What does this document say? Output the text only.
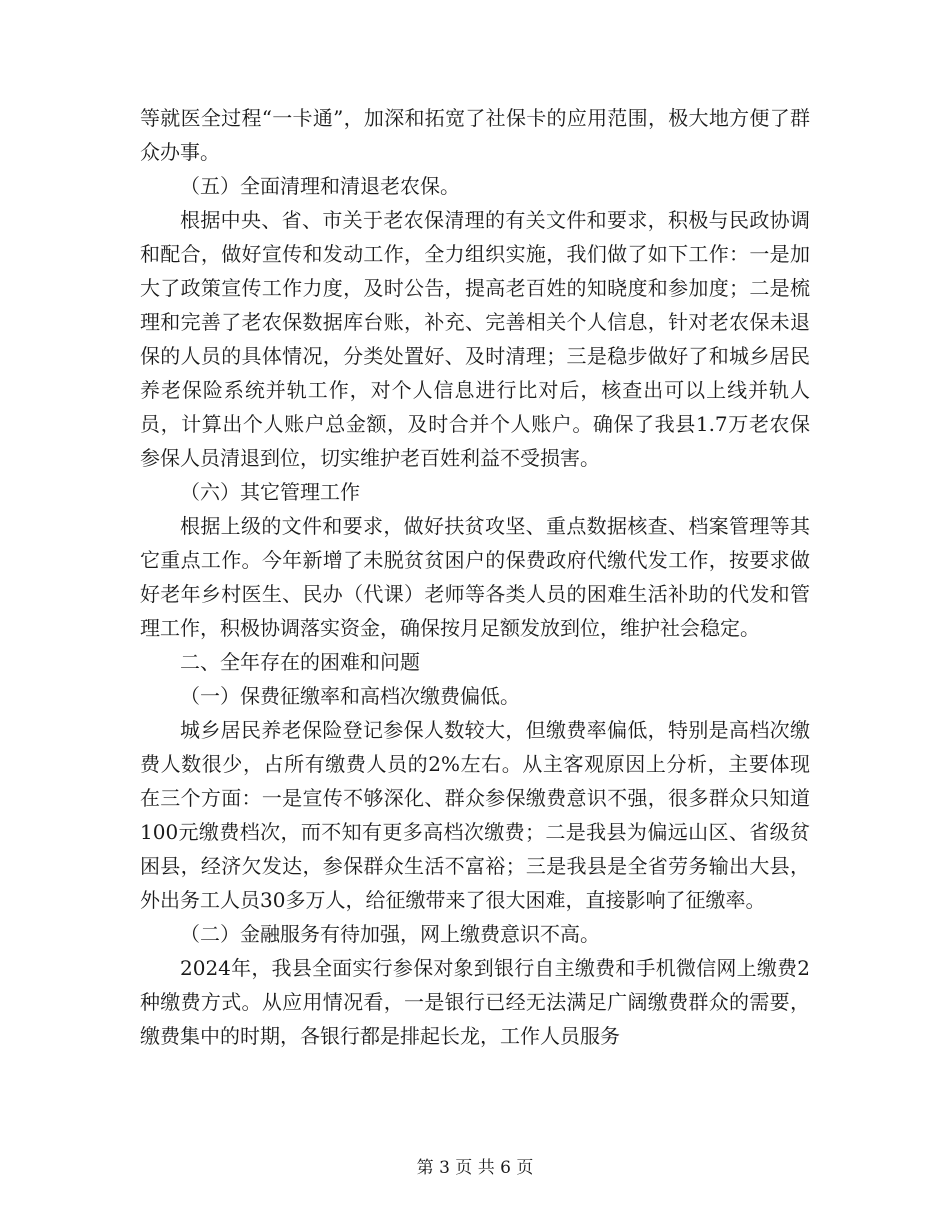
等就医全过程“一卡通”，加深和拓宽了社保卡的应用范围，极大地方便了群众办事。

（五）全面清理和清退老农保。

根据中央、省、市关于老农保清理的有关文件和要求，积极与民政协调和配合，做好宣传和发动工作，全力组织实施，我们做了如下工作：一是加大了政策宣传工作力度，及时公告，提高老百姓的知晓度和参加度；二是梳理和完善了老农保数据库台账，补充、完善相关个人信息，针对老农保未退保的人员的具体情况，分类处置好、及时清理；三是稳步做好了和城乡居民养老保险系统并轨工作，对个人信息进行比对后，核查出可以上线并轨人员，计算出个人账户总金额，及时合并个人账户。确保了我县1.7万老农保参保人员清退到位，切实维护老百姓利益不受损害。

（六）其它管理工作

根据上级的文件和要求，做好扶贫攻坚、重点数据核查、档案管理等其它重点工作。今年新增了未脱贫贫困户的保费政府代缴代发工作，按要求做好老年乡村医生、民办（代课）老师等各类人员的困难生活补助的代发和管理工作，积极协调落实资金，确保按月足额发放到位，维护社会稳定。

二、全年存在的困难和问题

（一）保费征缴率和高档次缴费偏低。

城乡居民养老保险登记参保人数较大，但缴费率偏低，特别是高档次缴费人数很少，占所有缴费人员的2%左右。从主客观原因上分析，主要体现在三个方面：一是宣传不够深化、群众参保缴费意识不强，很多群众只知道100元缴费档次，而不知有更多高档次缴费；二是我县为偏远山区、省级贫困县，经济欠发达，参保群众生活不富裕；三是我县是全省劳务输出大县，外出务工人员30多万人，给征缴带来了很大困难，直接影响了征缴率。

（二）金融服务有待加强，网上缴费意识不高。

2024年，我县全面实行参保对象到银行自主缴费和手机微信网上缴费2种缴费方式。从应用情况看，一是银行已经无法满足广阔缴费群众的需要，缴费集中的时期，各银行都是排起长龙，工作人员服务

第 3 页 共 6 页
